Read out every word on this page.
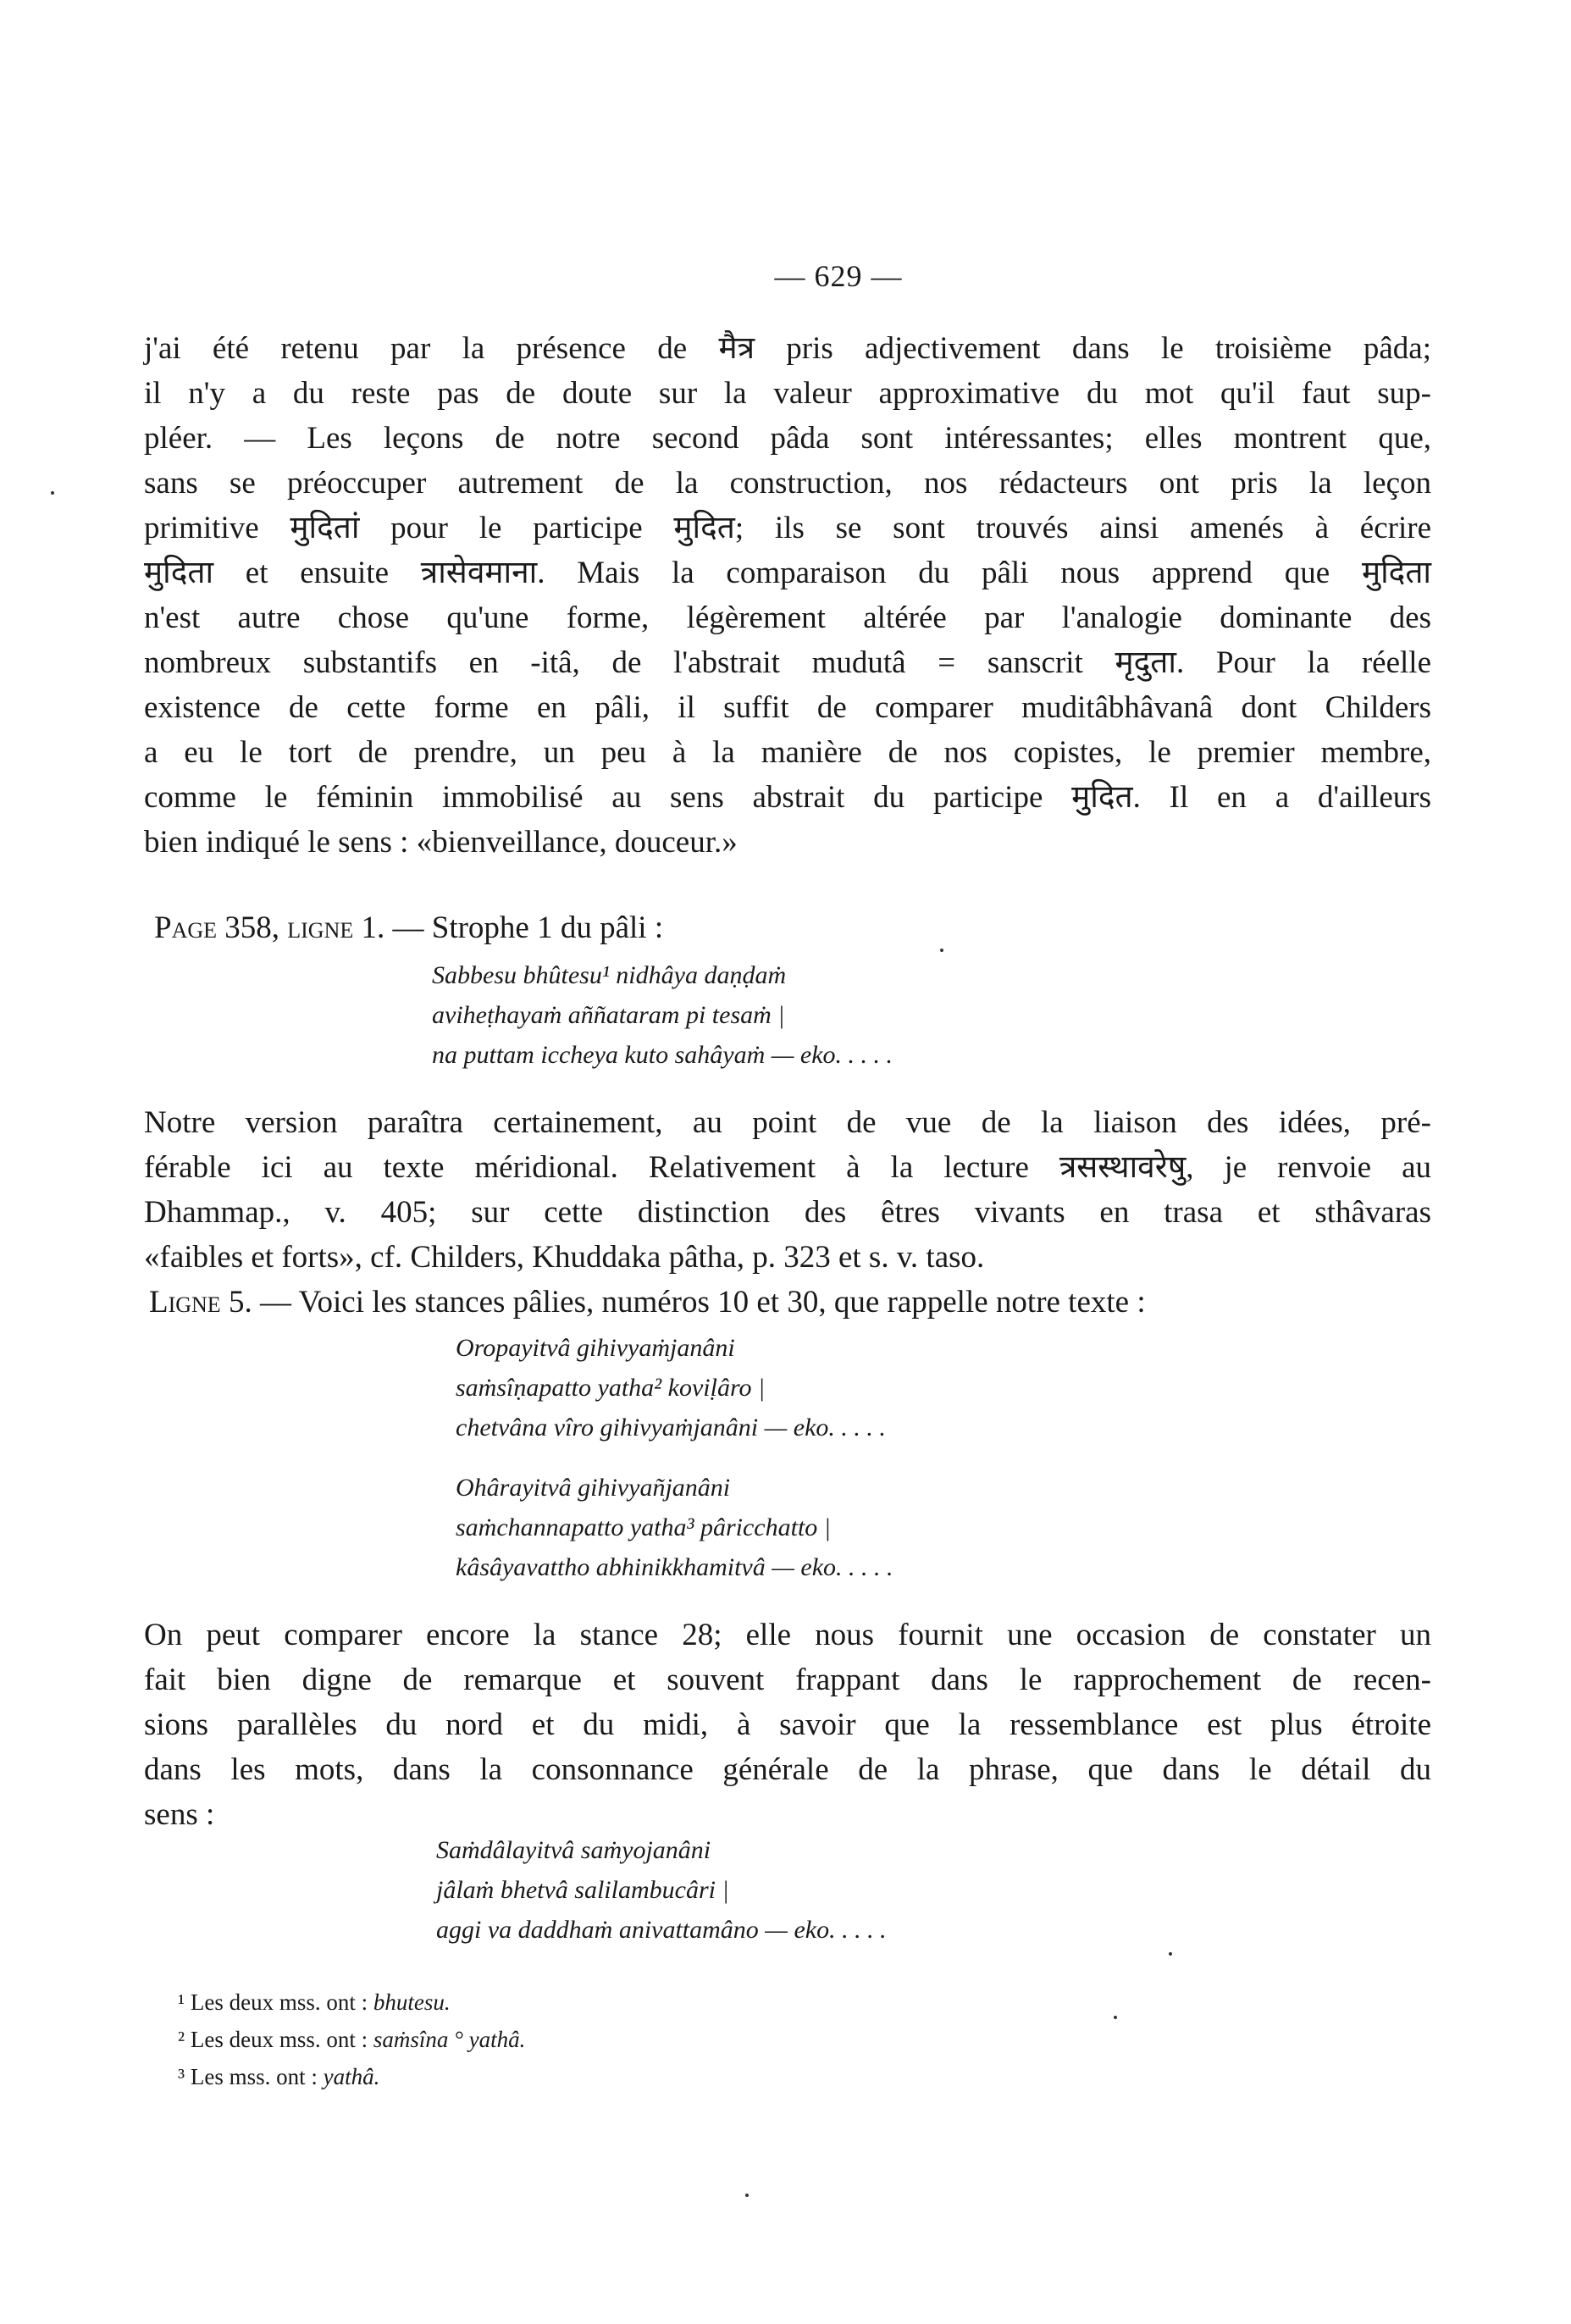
— 629 —
j'ai été retenu par la présence de मैत्र pris adjectivement dans le troisième pâda;
il n'y a du reste pas de doute sur la valeur approximative du mot qu'il faut sup-
pléer. — Les leçons de notre second pâda sont intéressantes; elles montrent que,
sans se préoccuper autrement de la construction, nos rédacteurs ont pris la leçon
primitive मुदितां pour le participe मुदित; ils se sont trouvés ainsi amenés à écrire
मुदिता et ensuite त्रासेवमाना. Mais la comparaison du pâli nous apprend que मुदिता
n'est autre chose qu'une forme, légèrement altérée par l'analogie dominante des
nombreux substantifs en -itâ, de l'abstrait mudutâ = sanscrit मृदुता. Pour la réelle
existence de cette forme en pâli, il suffit de comparer muditâbhâvanâ dont Childers
a eu le tort de prendre, un peu à la manière de nos copistes, le premier membre,
comme le féminin immobilisé au sens abstrait du participe मुदित. Il en a d'ailleurs
bien indiqué le sens : «bienveillance, douceur.»
Page 358, ligne 1. — Strophe 1 du pâli :
Sabbesu bhûtesu¹ nidhâya daṇḍaṁ
aviheṭhayaṁ aññataram pi tesaṁ |
na puttam iccheya kuto sahâyaṁ — eko. . . . .
Notre version paraîtra certainement, au point de vue de la liaison des idées, pré-
férable ici au texte méridional. Relativement à la lecture त्रसस्थावरेषु, je renvoie au
Dhammap., v. 405; sur cette distinction des êtres vivants en trasa et sthâvaras
«faibles et forts», cf. Childers, Khuddaka pâtha, p. 323 et s. v. taso.
Ligne 5. — Voici les stances pâlies, numéros 10 et 30, que rappelle notre texte :
Oropayitvâ gihivyaṁjanâni
saṁsîṇapatto yatha² koviḷâro |
chetvâna vîro gihivyaṁjanâni — eko. . . . .
Ohârayitvâ gihivyañjanâni
saṁchannapatto yatha³ pâricchatto |
kâsâyavattho abhinikkhamitvâ — eko. . . . .
On peut comparer encore la stance 28; elle nous fournit une occasion de constater un
fait bien digne de remarque et souvent frappant dans le rapprochement de recen-
sions parallèles du nord et du midi, à savoir que la ressemblance est plus étroite
dans les mots, dans la consonnance générale de la phrase, que dans le détail du
sens :
Saṁdâlayitvâ saṁyojanâni
jâlaṁ bhetvâ salilambucâri |
aggi va daddhaṁ anivattamâno — eko. . . . .
¹ Les deux mss. ont : bhutesu.
² Les deux mss. ont : saṁsîna ° yathâ.
³ Les mss. ont : yathâ.
